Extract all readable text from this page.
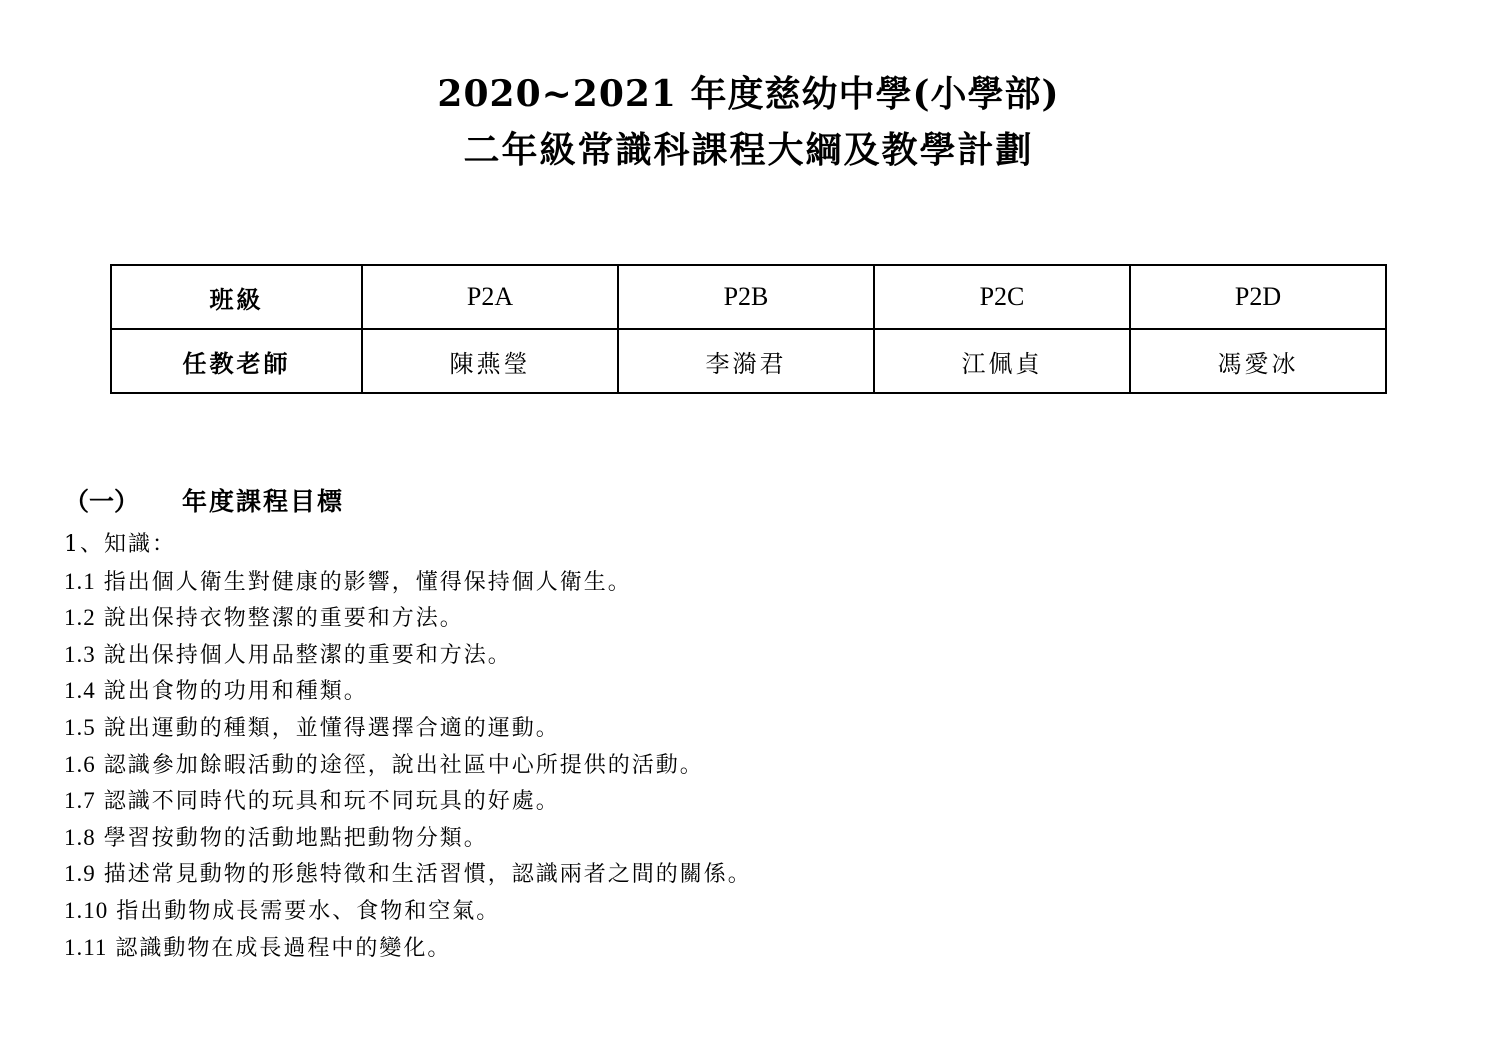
2020~2021 年度慈幼中學(小學部)
二年級常識科課程大綱及教學計劃
班級	P2A	P2B	P2C	P2D
任教老師	陳燕瑩	李漪君	江佩貞	馮愛冰
（一） 年度課程目標
1、知識：
1.1 指出個人衛生對健康的影響，懂得保持個人衛生。
1.2 說出保持衣物整潔的重要和方法。
1.3 說出保持個人用品整潔的重要和方法。
1.4 說出食物的功用和種類。
1.5 說出運動的種類，並懂得選擇合適的運動。
1.6 認識參加餘暇活動的途徑，說出社區中心所提供的活動。
1.7 認識不同時代的玩具和玩不同玩具的好處。
1.8 學習按動物的活動地點把動物分類。
1.9 描述常見動物的形態特徵和生活習慣，認識兩者之間的關係。
1.10 指出動物成長需要水、食物和空氣。
1.11 認識動物在成長過程中的變化。
